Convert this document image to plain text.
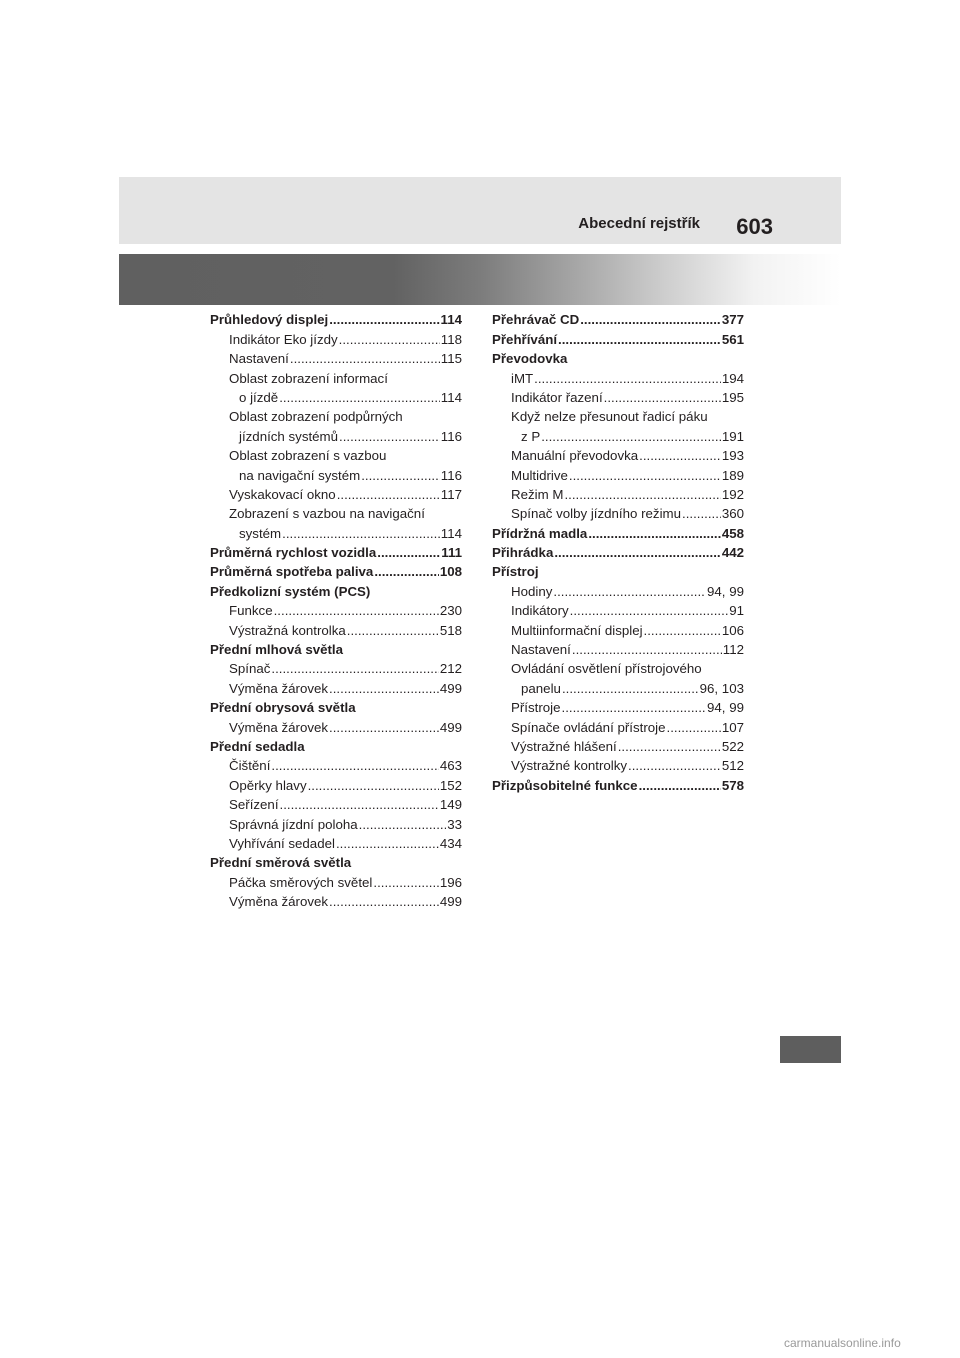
Abecední rejstřík 603
Průhledový displej .....	114
Indikátor Eko jízdy .....	118
Nastavení .....	115
Oblast zobrazení informací
o jízdě .....	114
Oblast zobrazení podpůrných
jízdních systémů .....	116
Oblast zobrazení s vazbou
na navigační systém .....	116
Vyskakovací okno .....	117
Zobrazení s vazbou na navigační
systém .....	114
Průměrná rychlost vozidla .....	111
Průměrná spotřeba paliva .....	108
Předkolizní systém (PCS)
Funkce .....	230
Výstražná kontrolka .....	518
Přední mlhová světla
Spínač .....	212
Výměna žárovek .....	499
Přední obrysová světla
Výměna žárovek .....	499
Přední sedadla
Čištění .....	463
Opěrky hlavy .....	152
Seřízení .....	149
Správná jízdní poloha .....	33
Vyhřívání sedadel .....	434
Přední směrová světla
Páčka směrových světel .....	196
Výměna žárovek .....	499
Přehrávač CD .....	377
Přehřívání .....	561
Převodovka
iMT .....	194
Indikátor řazení .....	195
Když nelze přesunout řadicí páku
z P .....	191
Manuální převodovka .....	193
Multidrive .....	189
Režim M .....	192
Spínač volby jízdního režimu .....	360
Přídržná madla .....	458
Přihrádka .....	442
Přístroj
Hodiny .....	94, 99
Indikátory .....	91
Multiinformační displej .....	106
Nastavení .....	112
Ovládání osvětlení přístrojového
panelu .....	96, 103
Přístroje .....	94, 99
Spínače ovládání přístroje .....	107
Výstražné hlášení .....	522
Výstražné kontrolky .....	512
Přizpůsobitelné funkce .....	578
carmanualsonline.info
